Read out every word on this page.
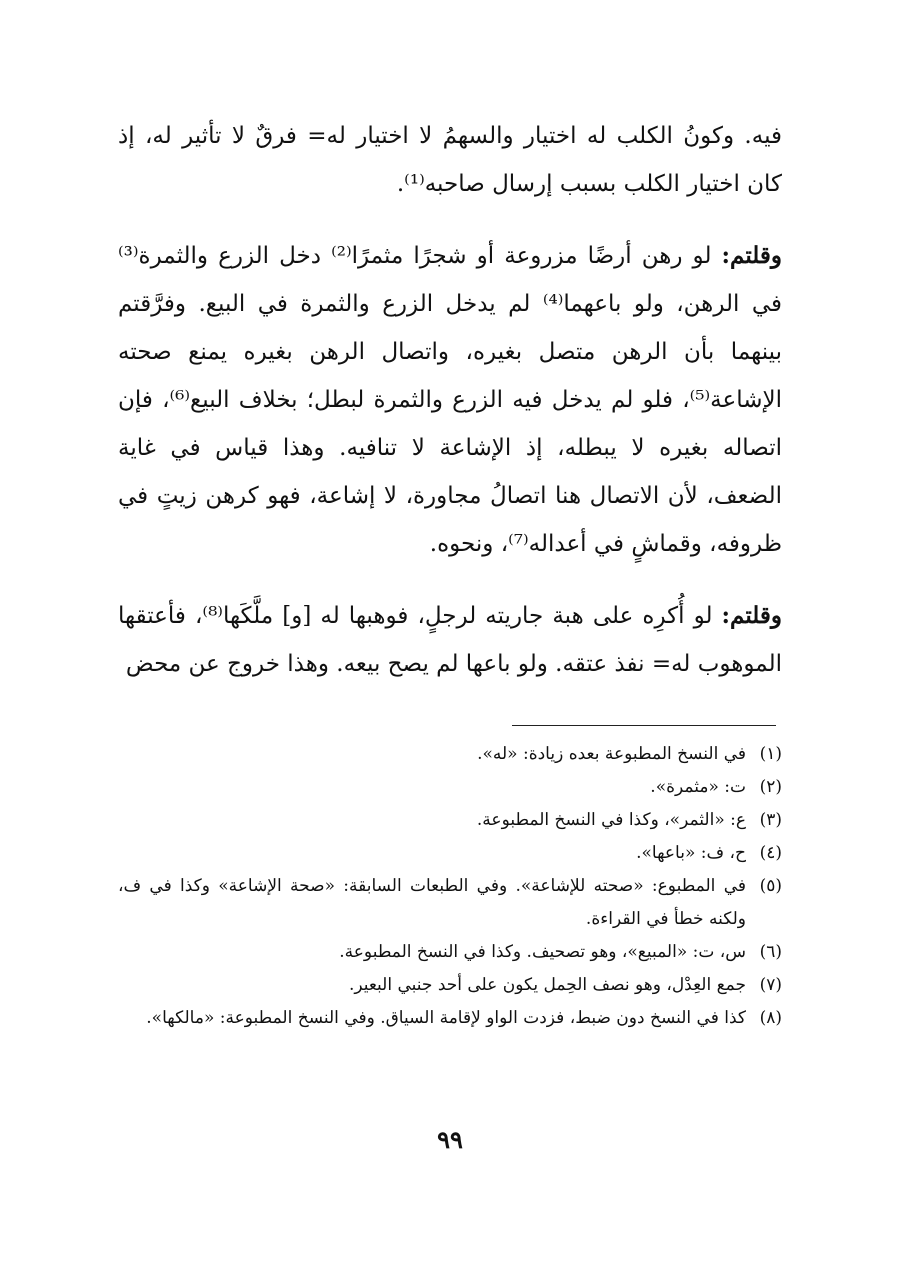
فيه. وكونُ الكلب له اختيار والسهمُ لا اختيار له= فرقٌ لا تأثير له، إذ كان اختيار الكلب بسبب إرسال صاحبه⁽¹⁾.

وقلتم: لو رهن أرضًا مزروعة أو شجرًا مثمرًا⁽²⁾ دخل الزرع والثمرة⁽³⁾ في الرهن، ولو باعهما⁽⁴⁾ لم يدخل الزرع والثمرة في البيع. وفرَّقتم بينهما بأن الرهن متصل بغيره، واتصال الرهن بغيره يمنع صحته الإشاعة⁽⁵⁾، فلو لم يدخل فيه الزرع والثمرة لبطل؛ بخلاف البيع⁽⁶⁾، فإن اتصاله بغيره لا يبطله، إذ الإشاعة لا تنافيه. وهذا قياس في غاية الضعف، لأن الاتصال هنا اتصالُ مجاورة، لا إشاعة، فهو كرهن زيتٍ في ظروفه، وقماشٍ في أعداله⁽⁷⁾، ونحوه.

وقلتم: لو أُكرِه على هبة جاريته لرجلٍ، فوهبها له [و] ملَّكَها⁽⁸⁾، فأعتقها الموهوب له= نفذ عتقه. ولو باعها لم يصح بيعه. وهذا خروج عن محض

(١)
في النسخ المطبوعة بعده زيادة: «له».
(٢)
ت: «مثمرة».
(٣)
ع: «الثمر»، وكذا في النسخ المطبوعة.
(٤)
ح، ف: «باعها».
(٥)
في المطبوع: «صحته للإشاعة». وفي الطبعات السابقة: «صحة الإشاعة» وكذا في ف، ولكنه خطأ في القراءة.
(٦)
س، ت: «المبيع»، وهو تصحيف. وكذا في النسخ المطبوعة.
(٧)
جمع العِدْل، وهو نصف الحِمل يكون على أحد جنبي البعير.
(٨)
كذا في النسخ دون ضبط، فزدت الواو لإقامة السياق. وفي النسخ المطبوعة: «مالكها».
٩٩
